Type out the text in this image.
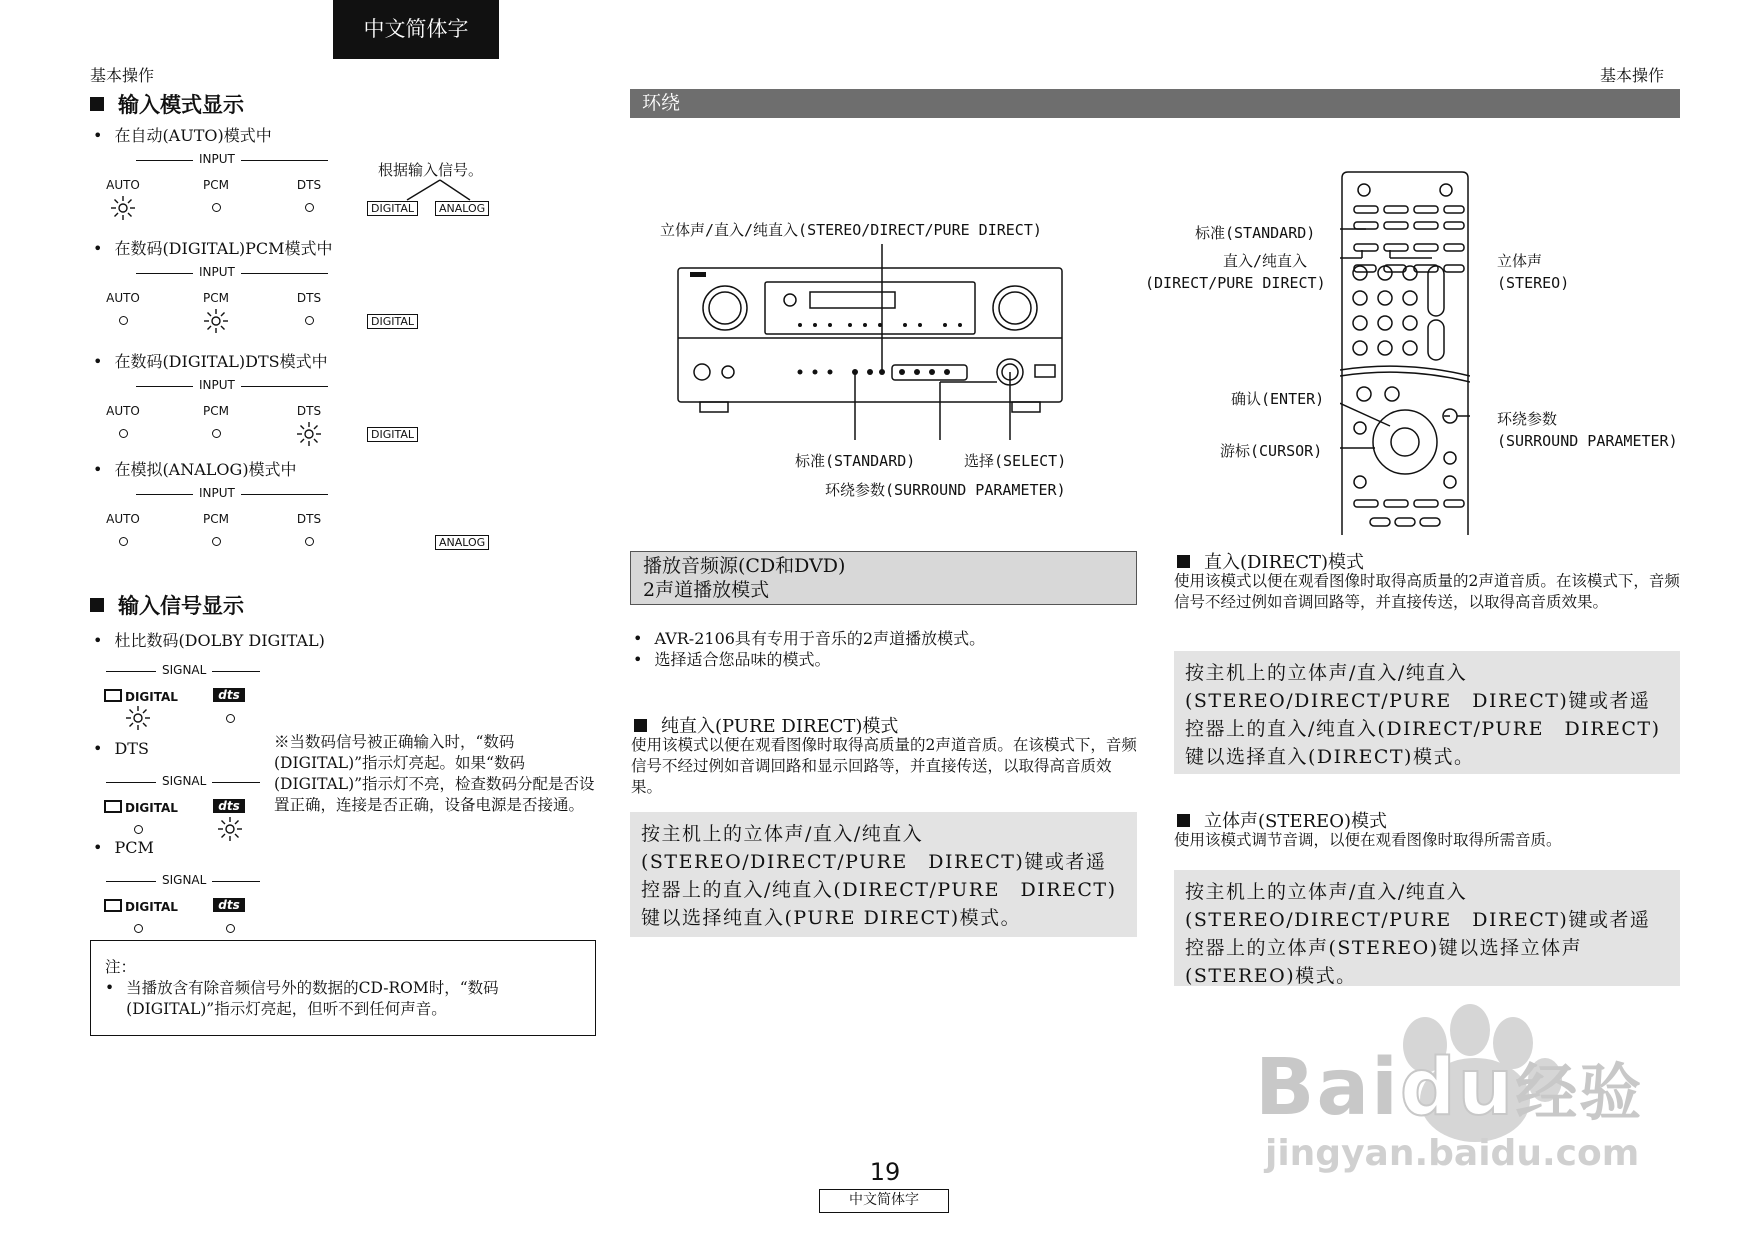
中文简体字
基本操作	基本操作
输入模式显示
• 在自动(AUTO)模式中
INPUT
AUTO	PCM	DTS
根据输入信号。
DIGITAL	ANALOG
• 在数码(DIGITAL)PCM模式中
INPUT
AUTO	PCM	DTS
DIGITAL
• 在数码(DIGITAL)DTS模式中
INPUT
AUTO	PCM	DTS
DIGITAL
• 在模拟(ANALOG)模式中
INPUT
AUTO	PCM	DTS
ANALOG
输入信号显示
• 杜比数码(DOLBY DIGITAL)
SIGNAL
DIGITAL	dts
• DTS
SIGNAL
DIGITAL	dts
• PCM
SIGNAL
DIGITAL	dts
※当数码信号被正确输入时，“数码(DIGITAL)”指示灯亮起。如果“数码(DIGITAL)”指示灯不亮，检查数码分配是否设置正确，连接是否正确，设备电源是否接通。
注：
• 当播放含有除音频信号外的数据的CD-ROM时，“数码(DIGITAL)”指示灯亮起，但听不到任何声音。
环绕
立体声/直入/纯直入(STEREO/DIRECT/PURE DIRECT)
标准(STANDARD)	选择(SELECT)
环绕参数(SURROUND PARAMETER)
标准(STANDARD)
直入/纯直入
(DIRECT/PURE DIRECT)
立体声
(STEREO)
确认(ENTER)
游标(CURSOR)
环绕参数
(SURROUND PARAMETER)
播放音频源(CD和DVD)
2声道播放模式
• AVR-2106具有专用于音乐的2声道播放模式。
• 选择适合您品味的模式。
纯直入(PURE DIRECT)模式
使用该模式以便在观看图像时取得高质量的2声道音质。在该模式下，音频信号不经过例如音调回路和显示回路等，并直接传送，以取得高音质效果。
按主机上的立体声/直入/纯直入(STEREO/DIRECT/PURE　DIRECT)键或者遥控器上的直入/纯直入(DIRECT/PURE　DIRECT)键以选择纯直入(PURE DIRECT)模式。
直入(DIRECT)模式
使用该模式以便在观看图像时取得高质量的2声道音质。在该模式下，音频信号不经过例如音调回路等，并直接传送，以取得高音质效果。
按主机上的立体声/直入/纯直入(STEREO/DIRECT/PURE　DIRECT)键或者遥控器上的直入/纯直入(DIRECT/PURE　DIRECT)键以选择直入(DIRECT)模式。
立体声(STEREO)模式
使用该模式调节音调，以便在观看图像时取得所需音质。
按主机上的立体声/直入/纯直入(STEREO/DIRECT/PURE　DIRECT)键或者遥控器上的立体声(STEREO)键以选择立体声(STEREO)模式。
19
中文简体字
Baidu经验
jingyan.baidu.com
